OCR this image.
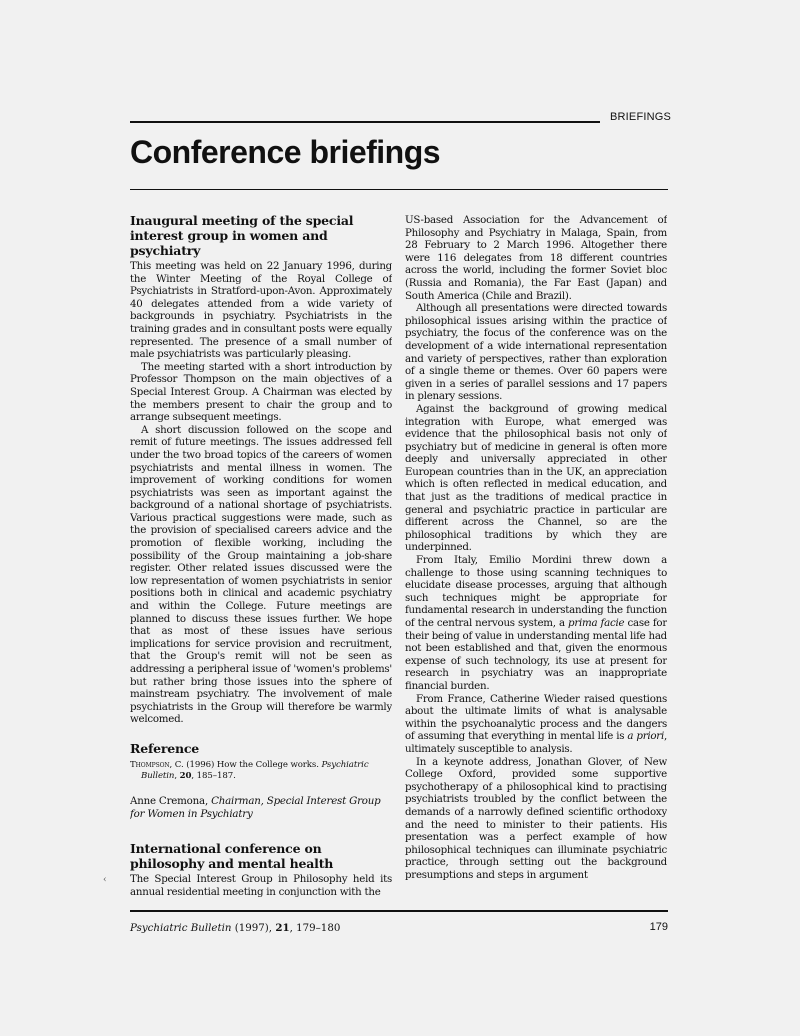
BRIEFINGS
Conference briefings
Inaugural meeting of the special interest group in women and psychiatry

This meeting was held on 22 January 1996, during the Winter Meeting of the Royal College of Psychiatrists in Stratford-upon-Avon. Approximately 40 delegates attended from a wide variety of backgrounds in psychiatry. Psychiatrists in the training grades and in consultant posts were equally represented. The presence of a small number of male psychiatrists was particularly pleasing.

The meeting started with a short introduction by Professor Thompson on the main objectives of a Special Interest Group. A Chairman was elected by the members present to chair the group and to arrange subsequent meetings.

A short discussion followed on the scope and remit of future meetings. The issues addressed fell under the two broad topics of the careers of women psychiatrists and mental illness in women. The improvement of working conditions for women psychiatrists was seen as important against the background of a national shortage of psychiatrists. Various practical suggestions were made, such as the provision of specialised careers advice and the promotion of flexible working, including the possibility of the Group maintaining a job-share register. Other related issues discussed were the low representation of women psychiatrists in senior positions both in clinical and academic psychiatry and within the College. Future meetings are planned to discuss these issues further. We hope that as most of these issues have serious implications for service provision and recruitment, that the Group's remit will not be seen as addressing a peripheral issue of 'women's problems' but rather bring those issues into the sphere of mainstream psychiatry. The involvement of male psychiatrists in the Group will therefore be warmly welcomed.

Reference

Thompson, C. (1996) How the College works. Psychiatric Bulletin, 20, 185–187.

Anne Cremona, Chairman, Special Interest Group for Women in Psychiatry

International conference on philosophy and mental health

The Special Interest Group in Philosophy held its annual residential meeting in conjunction with the

US-based Association for the Advancement of Philosophy and Psychiatry in Malaga, Spain, from 28 February to 2 March 1996. Altogether there were 116 delegates from 18 different countries across the world, including the former Soviet bloc (Russia and Romania), the Far East (Japan) and South America (Chile and Brazil).

Although all presentations were directed towards philosophical issues arising within the practice of psychiatry, the focus of the conference was on the development of a wide international representation and variety of perspectives, rather than exploration of a single theme or themes. Over 60 papers were given in a series of parallel sessions and 17 papers in plenary sessions.

Against the background of growing medical integration with Europe, what emerged was evidence that the philosophical basis not only of psychiatry but of medicine in general is often more deeply and universally appreciated in other European countries than in the UK, an appreciation which is often reflected in medical education, and that just as the traditions of medical practice in general and psychiatric practice in particular are different across the Channel, so are the philosophical traditions by which they are underpinned.

From Italy, Emilio Mordini threw down a challenge to those using scanning techniques to elucidate disease processes, arguing that although such techniques might be appropriate for fundamental research in understanding the function of the central nervous system, a prima facie case for their being of value in understanding mental life had not been established and that, given the enormous expense of such technology, its use at present for research in psychiatry was an inappropriate financial burden.

From France, Catherine Wieder raised questions about the ultimate limits of what is analysable within the psychoanalytic process and the dangers of assuming that everything in mental life is a priori, ultimately susceptible to analysis.

In a keynote address, Jonathan Glover, of New College Oxford, provided some supportive psychotherapy of a philosophical kind to practising psychiatrists troubled by the conflict between the demands of a narrowly defined scientific orthodoxy and the need to minister to their patients. His presentation was a perfect example of how philosophical techniques can illuminate psychiatric practice, through setting out the background presumptions and steps in argument

‹
Psychiatric Bulletin (1997), 21, 179–180	179
